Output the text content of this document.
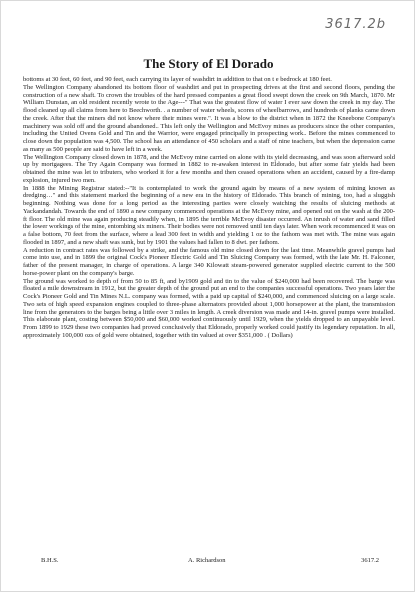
3617.2b
The Story of El Dorado

bottoms at 30 feet, 60 feet, and 90 feet, each carrying its layer of washdirt in addition to that on t e bedrock at 180 feet.

The Wellington Company abandoned its bottom floor of washdirt and put in prospecting drives at the first and second floors, pending the construction of a new shaft. To crown the troubles of the hard pressed companies a great flood swept down the creek on 9th March, 1870. Mr William Dunstan, an old resident recently wrote to the Age---" That was the greatest flow of water I ever saw down the creek in my day. The flood cleaned up all claims from here to Beechworth. . a number of water wheels, scores of wheelbarrows, and hundreds of planks came down the creek. After that the miners did not know where their mines were.". It was a blow to the district when in 1872 the Kneebone Company's machinery was sold off and the ground abandoned.. This left only the Wellington and McEvoy mines as producers since the other companies, including the United Ovens Gold and Tin and the Warrior, were engaged principally in prospecting work.. Before the mines commenced to close down the population was 4,500. The school has an attendance of 450 scholars and a staff of nine teachers, but when the depression came as many as 500 people are said to have left in a week.

The Wellington Company closed down in 1878, and the McEvoy mine carried on alone with its yield decreasing, and was soon afterward sold up by mortgagees. The Try Again Company was formed in 1882 to re-awaken interest in Eldorado, but after some fair yields had been obtained the mine was let to tributers, who worked it for a few months and then ceased operations when an accident, caused by a fire-damp explosion, injured two men.

In 1888 the Mining Registrar stated:--"It is contemplated to work the ground again by means of a new system of mining known as dredging…" and this statement marked the beginning of a new era in the history of Eldorado. This branch of mining, too, had a sluggish beginning. Nothing was done for a long period as the interesting parties were closely watching the results of sluicing methods at Yackandandah. Towards the end of 1890 a new company commenced operations at the McEvoy mine, and opened out on the wash at the 200-ft floor. The old mine was again producing steadily when, in 1895 the terrible McEvoy disaster occurred. An inrush of water and sand filled the lower workings of the mine, entombing six miners. Their bodies were not removed until ten days later. When work recommenced it was on a false bottom, 70 feet from the surface, where a lead 300 feet in width and yielding 1 oz to the fathom was met with. The mine was again flooded in 1897, and a new shaft was sunk, but by 1901 the values had fallen to 8 dwt. per fathom.

A reduction in contract rates was followed by a strike, and the famous old mine closed down for the last time. Meanwhile gravel pumps had come into use, and in 1899 the original Cock's Pioneer Electric Gold and Tin Sluicing Company was formed, with the late Mr. H. Falconer, father of the present manager, in charge of operations. A large 340 Kilowatt steam-powered generator supplied electric current to the 500 horse-power plant on the company's barge.

The ground was worked to depth of from 50 to 85 ft, and by1909 gold and tin to the value of $240,000 had been recovered. The barge was floated a mile downstream in 1912, but the greater depth of the ground put an end to the companies successful operations. Two years later the Cock's Pioneer Gold and Tin Mines N.L. company was formed, with a paid up capital of $240,000, and commenced sluicing on a large scale. Two sets of high speed expansion engines coupled to three-phase alternators provided about 1,000 horsepower at the plant, the transmission line from the generators to the barges being a little over 3 miles in length. A creek diversion was made and 14-in. gravel pumps were installed. This elaborate plant, costing between $50,000 and $60,000 worked continuously until 1929, when the yields dropped to an unpayable level. From 1899 to 1929 these two companies had proved conclusively that Eldorado, properly worked could justify its legendary reputation. In all, approximately 100,000 ozs of gold were obtained, together with tin valued at over $351,000 . ( Dollars)

B.H.S.	A. Richardson	3617.2
